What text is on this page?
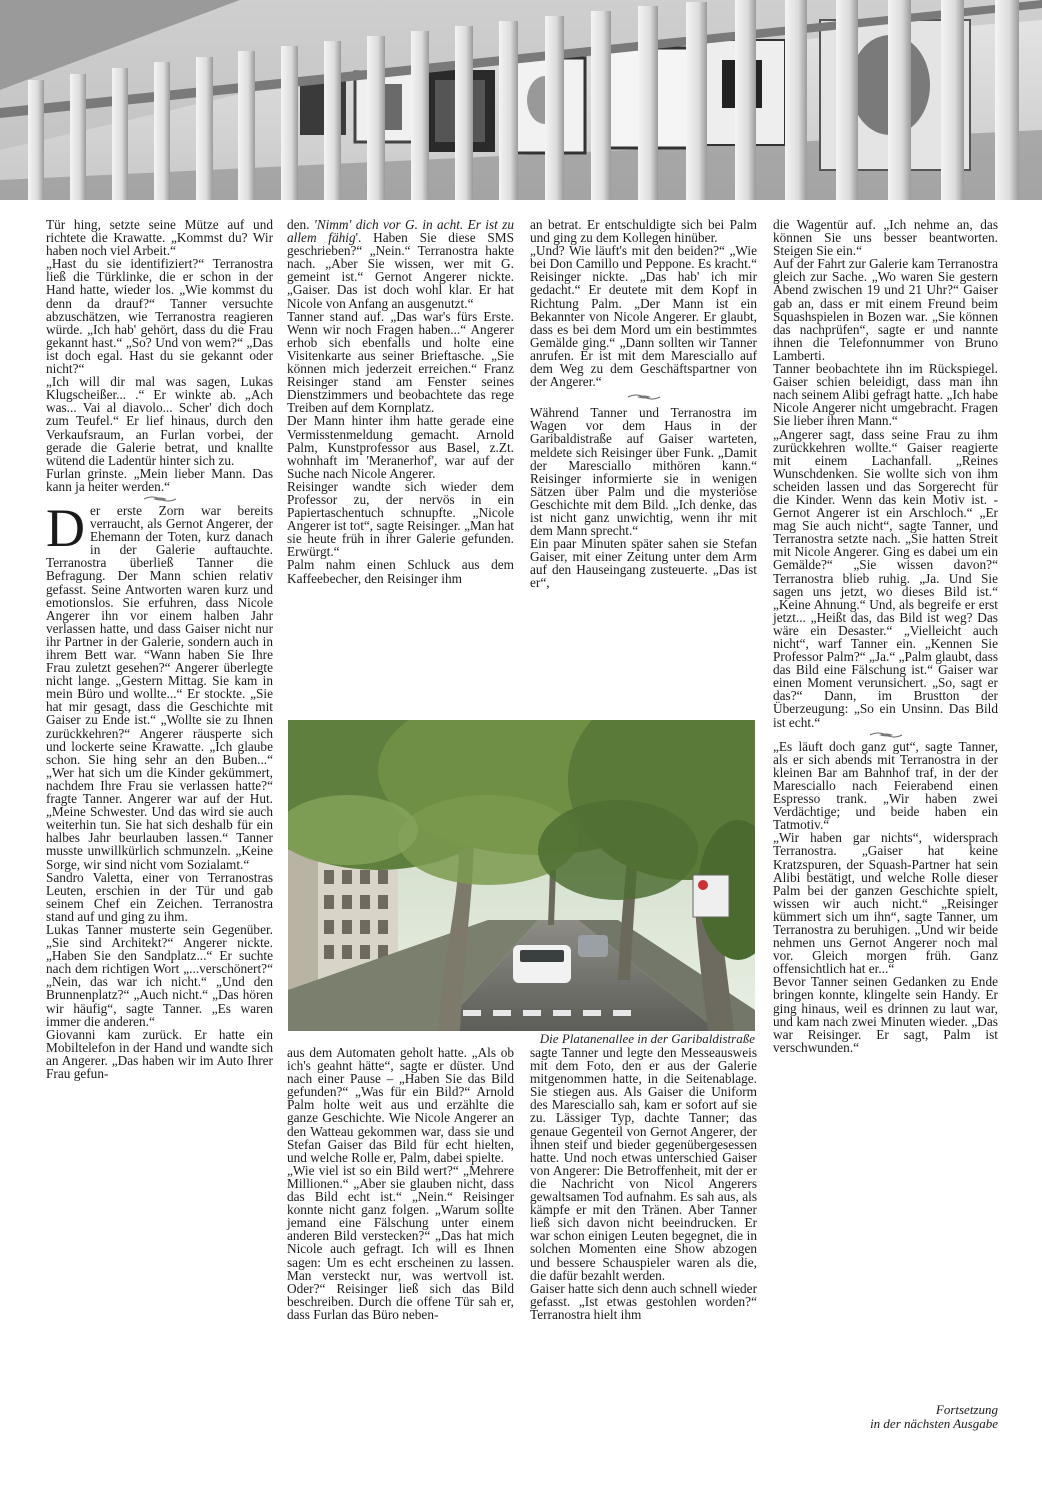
Tür hing, setzte seine Mütze auf und richtete die Krawatte. „Kommst du? Wir haben noch viel Arbeit.“

„Hast du sie identifiziert?“ Terranostra ließ die Türklinke, die er schon in der Hand hatte, wieder los. „Wie kommst du denn da drauf?“ Tanner versuchte abzuschätzen, wie Terranostra reagieren würde. „Ich hab' gehört, dass du die Frau gekannt hast.“ „So? Und von wem?“ „Das ist doch egal. Hast du sie gekannt oder nicht?“

„Ich will dir mal was sagen, Lukas Klugscheißer... .“ Er winkte ab. „Ach was... Vai al diavolo... Scher' dich doch zum Teufel.“ Er lief hinaus, durch den Verkaufsraum, an Furlan vorbei, der gerade die Galerie betrat, und knallte wütend die Ladentür hinter sich zu.

Furlan grinste. „Mein lieber Mann. Das kann ja heiter werden.“

Der erste Zorn war bereits verraucht, als Gernot Angerer, der Ehemann der Toten, kurz danach in der Galerie auftauchte. Terranostra überließ Tanner die Befragung. Der Mann schien relativ gefasst. Seine Antworten waren kurz und emotionslos. Sie erfuhren, dass Nicole Angerer ihn vor einem halben Jahr verlassen hatte, und dass Gaiser nicht nur ihr Partner in der Galerie, sondern auch in ihrem Bett war. “Wann haben Sie Ihre Frau zuletzt gesehen?“ Angerer überlegte nicht lange. „Gestern Mittag. Sie kam in mein Büro und wollte...“ Er stockte. „Sie hat mir gesagt, dass die Geschichte mit Gaiser zu Ende ist.“ „Wollte sie zu Ihnen zurückkehren?“ Angerer räusperte sich und lockerte seine Krawatte. „Ich glaube schon. Sie hing sehr an den Buben...“ „Wer hat sich um die Kinder gekümmert, nachdem Ihre Frau sie verlassen hatte?“ fragte Tanner. Angerer war auf der Hut. „Meine Schwester. Und das wird sie auch weiterhin tun. Sie hat sich deshalb für ein halbes Jahr beurlauben lassen.“ Tanner musste unwillkürlich schmunzeln. „Keine Sorge, wir sind nicht vom Sozialamt.“

Sandro Valetta, einer von Terranostras Leuten, erschien in der Tür und gab seinem Chef ein Zeichen. Terranostra stand auf und ging zu ihm.

Lukas Tanner musterte sein Gegenüber. „Sie sind Architekt?“ Angerer nickte. „Haben Sie den Sandplatz...“ Er suchte nach dem richtigen Wort „...verschönert?“ „Nein, das war ich nicht.“ „Und den Brunnenplatz?“ „Auch nicht.“ „Das hören wir häufig“, sagte Tanner. „Es waren immer die anderen.“

Giovanni kam zurück. Er hatte ein Mobiltelefon in der Hand und wandte sich an Angerer. „Das haben wir im Auto Ihrer Frau gefun-

den. 'Nimm' dich vor G. in acht. Er ist zu allem fähig'. Haben Sie diese SMS geschrieben?“ „Nein.“ Terranostra hakte nach. „Aber Sie wissen, wer mit G. gemeint ist.“ Gernot Angerer nickte. „Gaiser. Das ist doch wohl klar. Er hat Nicole von Anfang an ausgenutzt.“

Tanner stand auf. „Das war's fürs Erste. Wenn wir noch Fragen haben...“ Angerer erhob sich ebenfalls und holte eine Visitenkarte aus seiner Brieftasche. „Sie können mich jederzeit erreichen.“ Franz Reisinger stand am Fenster seines Dienstzimmers und beobachtete das rege Treiben auf dem Kornplatz.

Der Mann hinter ihm hatte gerade eine Vermisstenmeldung gemacht. Arnold Palm, Kunstprofessor aus Basel, z.Zt. wohnhaft im 'Meranerhof', war auf der Suche nach Nicole Angerer.

Reisinger wandte sich wieder dem Professor zu, der nervös in ein Papiertaschentuch schnupfte. „Nicole Angerer ist tot“, sagte Reisinger. „Man hat sie heute früh in ihrer Galerie gefunden. Erwürgt.“

Palm nahm einen Schluck aus dem Kaffeebecher, den Reisinger ihm

aus dem Automaten geholt hatte. „Als ob ich's geahnt hätte“, sagte er düster. Und nach einer Pause – „Haben Sie das Bild gefunden?“ „Was für ein Bild?“ Arnold Palm holte weit aus und erzählte die ganze Geschichte. Wie Nicole Angerer an den Watteau gekommen war, dass sie und Stefan Gaiser das Bild für echt hielten, und welche Rolle er, Palm, dabei spielte.

„Wie viel ist so ein Bild wert?“ „Mehrere Millionen.“ „Aber sie glauben nicht, dass das Bild echt ist.“ „Nein.“ Reisinger konnte nicht ganz folgen. „Warum sollte jemand eine Fälschung unter einem anderen Bild verstecken?“ „Das hat mich Nicole auch gefragt. Ich will es Ihnen sagen: Um es echt erscheinen zu lassen. Man versteckt nur, was wertvoll ist. Oder?“ Reisinger ließ sich das Bild beschreiben. Durch die offene Tür sah er, dass Furlan das Büro neben-

an betrat. Er entschuldigte sich bei Palm und ging zu dem Kollegen hinüber.

„Und? Wie läuft's mit den beiden?“ „Wie bei Don Camillo und Peppone. Es kracht.“ Reisinger nickte. „Das hab' ich mir gedacht.“ Er deutete mit dem Kopf in Richtung Palm. „Der Mann ist ein Bekannter von Nicole Angerer. Er glaubt, dass es bei dem Mord um ein bestimmtes Gemälde ging.“ „Dann sollten wir Tanner anrufen. Er ist mit dem Maresciallo auf dem Weg zu dem Geschäftspartner von der Angerer.“

Während Tanner und Terranostra im Wagen vor dem Haus in der Garibaldistraße auf Gaiser warteten, meldete sich Reisinger über Funk. „Damit der Maresciallo mithören kann.“ Reisinger informierte sie in wenigen Sätzen über Palm und die mysteriöse Geschichte mit dem Bild. „Ich denke, das ist nicht ganz unwichtig, wenn ihr mit dem Mann sprecht.“

Ein paar Minuten später sahen sie Stefan Gaiser, mit einer Zeitung unter dem Arm auf den Hauseingang zusteuerte. „Das ist er“,

sagte Tanner und legte den Messeausweis mit dem Foto, den er aus der Galerie mitgenommen hatte, in die Seitenablage. Sie stiegen aus. Als Gaiser die Uniform des Maresciallo sah, kam er sofort auf sie zu. Lässiger Typ, dachte Tanner; das genaue Gegenteil von Gernot Angerer, der ihnen steif und bieder gegenübergesessen hatte. Und noch etwas unterschied Gaiser von Angerer: Die Betroffenheit, mit der er die Nachricht von Nicol Angerers gewaltsamen Tod aufnahm. Es sah aus, als kämpfe er mit den Tränen. Aber Tanner ließ sich davon nicht beeindrucken. Er war schon einigen Leuten begegnet, die in solchen Momenten eine Show abzogen und bessere Schauspieler waren als die, die dafür bezahlt werden.

Gaiser hatte sich denn auch schnell wieder gefasst. „Ist etwas gestohlen worden?“ Terranostra hielt ihm

die Wagentür auf. „Ich nehme an, das können Sie uns besser beantworten. Steigen Sie ein.“

Auf der Fahrt zur Galerie kam Terranostra gleich zur Sache. „Wo waren Sie gestern Abend zwischen 19 und 21 Uhr?“ Gaiser gab an, dass er mit einem Freund beim Squashspielen in Bozen war. „Sie können das nachprüfen“, sagte er und nannte ihnen die Telefonnummer von Bruno Lamberti.

Tanner beobachtete ihn im Rückspiegel. Gaiser schien beleidigt, dass man ihn nach seinem Alibi gefragt hatte. „Ich habe Nicole Angerer nicht umgebracht. Fragen Sie lieber ihren Mann.“

„Angerer sagt, dass seine Frau zu ihm zurückkehren wollte.“ Gaiser reagierte mit einem Lachanfall. „Reines Wunschdenken. Sie wollte sich von ihm scheiden lassen und das Sorgerecht für die Kinder. Wenn das kein Motiv ist. - Gernot Angerer ist ein Arschloch.“ „Er mag Sie auch nicht“, sagte Tanner, und Terranostra setzte nach. „Sie hatten Streit mit Nicole Angerer. Ging es dabei um ein Gemälde?“ „Sie wissen davon?“ Terranostra blieb ruhig. „Ja. Und Sie sagen uns jetzt, wo dieses Bild ist.“ „Keine Ahnung.“ Und, als begreife er erst jetzt... „Heißt das, das Bild ist weg? Das wäre ein Desaster.“ „Vielleicht auch nicht“, warf Tanner ein. „Kennen Sie Professor Palm?“ „Ja.“ „Palm glaubt, dass das Bild eine Fälschung ist.“ Gaiser war einen Moment verunsichert. „So, sagt er das?“ Dann, im Brustton der Überzeugung: „So ein Unsinn. Das Bild ist echt.“

„Es läuft doch ganz gut“, sagte Tanner, als er sich abends mit Terranostra in der kleinen Bar am Bahnhof traf, in der der Maresciallo nach Feierabend einen Espresso trank. „Wir haben zwei Verdächtige; und beide haben ein Tatmotiv.“

„Wir haben gar nichts“, widersprach Terranostra. „Gaiser hat keine Kratzspuren, der Squash-Partner hat sein Alibi bestätigt, und welche Rolle dieser Palm bei der ganzen Geschichte spielt, wissen wir auch nicht.“ „Reisinger kümmert sich um ihn“, sagte Tanner, um Terranostra zu beruhigen. „Und wir beide nehmen uns Gernot Angerer noch mal vor. Gleich morgen früh. Ganz offensichtlich hat er...“

Bevor Tanner seinen Gedanken zu Ende bringen konnte, klingelte sein Handy. Er ging hinaus, weil es drinnen zu laut war, und kam nach zwei Minuten wieder. „Das war Reisinger. Er sagt, Palm ist verschwunden.“

Fortsetzung
in der nächsten Ausgabe
Die Platanenallee in der Garibaldistraße
